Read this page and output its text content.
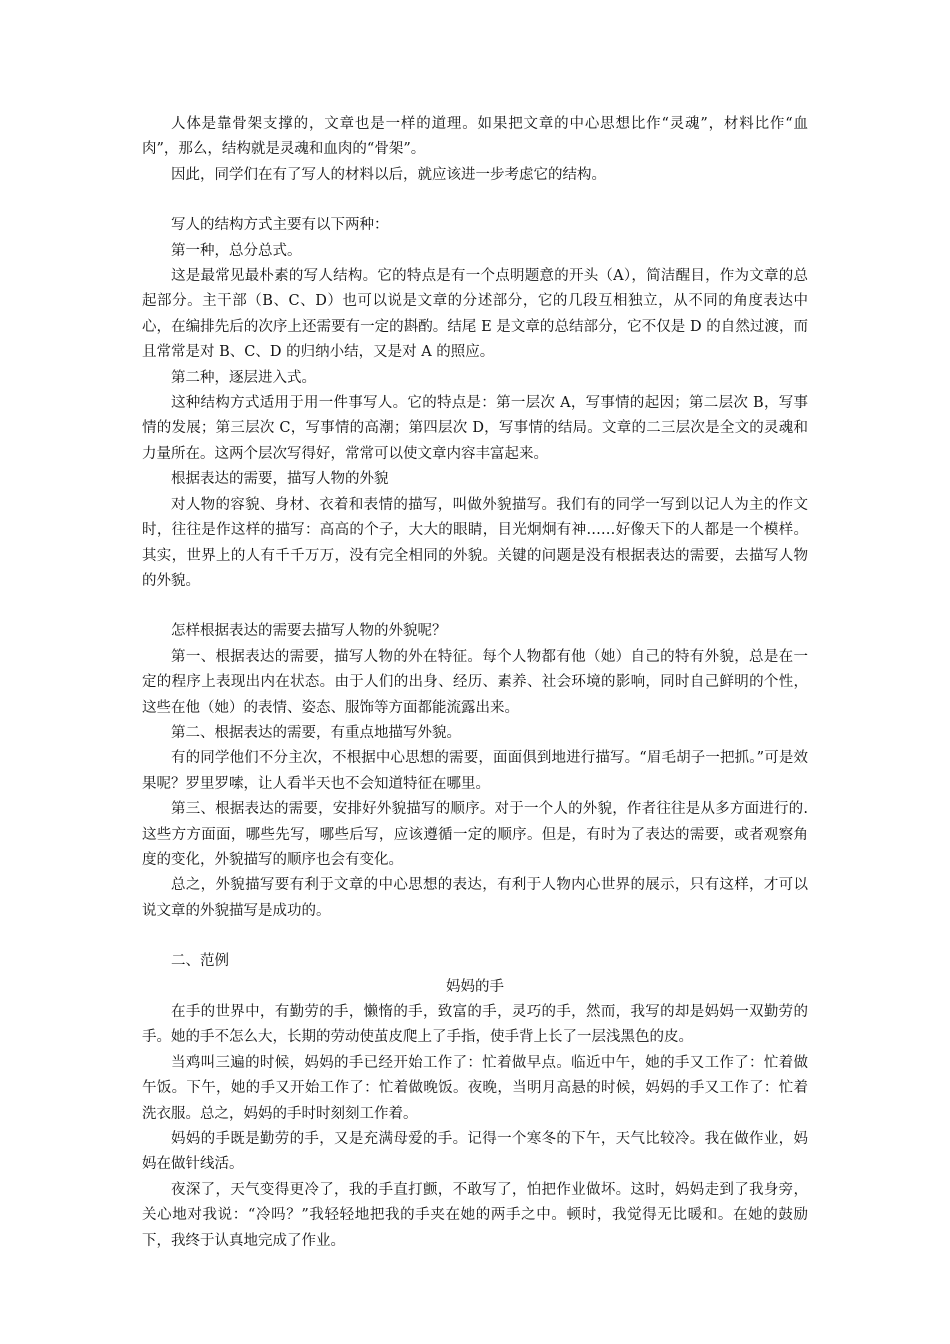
人体是靠骨架支撑的，文章也是一样的道理。如果把文章的中心思想比作“灵魂”，材料比作“血肉”，那么，结构就是灵魂和血肉的“骨架”。

因此，同学们在有了写人的材料以后，就应该进一步考虑它的结构。

写人的结构方式主要有以下两种：

第一种，总分总式。

这是最常见最朴素的写人结构。它的特点是有一个点明题意的开头（A），简洁醒目，作为文章的总起部分。主干部（B、C、D）也可以说是文章的分述部分，它的几段互相独立，从不同的角度表达中心，在编排先后的次序上还需要有一定的斟酌。结尾 E 是文章的总结部分，它不仅是 D 的自然过渡，而且常常是对 B、C、D 的归纳小结，又是对 A 的照应。

第二种，逐层进入式。

这种结构方式适用于用一件事写人。它的特点是：第一层次 A，写事情的起因；第二层次 B，写事情的发展；第三层次 C，写事情的高潮；第四层次 D，写事情的结局。文章的二三层次是全文的灵魂和力量所在。这两个层次写得好，常常可以使文章内容丰富起来。

根据表达的需要，描写人物的外貌

对人物的容貌、身材、衣着和表情的描写，叫做外貌描写。我们有的同学一写到以记人为主的作文时，往往是作这样的描写：高高的个子，大大的眼睛，目光炯炯有神……好像天下的人都是一个模样。其实，世界上的人有千千万万，没有完全相同的外貌。关键的问题是没有根据表达的需要，去描写人物的外貌。

怎样根据表达的需要去描写人物的外貌呢？

第一、根据表达的需要，描写人物的外在特征。每个人物都有他（她）自己的特有外貌，总是在一定的程序上表现出内在状态。由于人们的出身、经历、素养、社会环境的影响，同时自己鲜明的个性，这些在他（她）的表情、姿态、服饰等方面都能流露出来。

第二、根据表达的需要，有重点地描写外貌。

有的同学他们不分主次，不根据中心思想的需要，面面俱到地进行描写。“眉毛胡子一把抓。”可是效果呢？罗里罗嗦，让人看半天也不会知道特征在哪里。

第三、根据表达的需要，安排好外貌描写的顺序。对于一个人的外貌，作者往往是从多方面进行的. 这些方方面面，哪些先写，哪些后写，应该遵循一定的顺序。但是，有时为了表达的需要，或者观察角度的变化，外貌描写的顺序也会有变化。

总之，外貌描写要有利于文章的中心思想的表达，有利于人物内心世界的展示，只有这样，才可以说文章的外貌描写是成功的。

二、范例

妈妈的手

在手的世界中，有勤劳的手，懒惰的手，致富的手，灵巧的手，然而，我写的却是妈妈一双勤劳的手。她的手不怎么大，长期的劳动使茧皮爬上了手指，使手背上长了一层浅黑色的皮。

当鸡叫三遍的时候，妈妈的手已经开始工作了：忙着做早点。临近中午，她的手又工作了：忙着做午饭。下午，她的手又开始工作了：忙着做晚饭。夜晚，当明月高悬的时候，妈妈的手又工作了：忙着洗衣服。总之，妈妈的手时时刻刻工作着。

妈妈的手既是勤劳的手，又是充满母爱的手。记得一个寒冬的下午，天气比较冷。我在做作业，妈妈在做针线活。

夜深了，天气变得更冷了，我的手直打颤，不敢写了，怕把作业做坏。这时，妈妈走到了我身旁，关心地对我说：“冷吗？”我轻轻地把我的手夹在她的两手之中。顿时，我觉得无比暖和。在她的鼓励下，我终于认真地完成了作业。
